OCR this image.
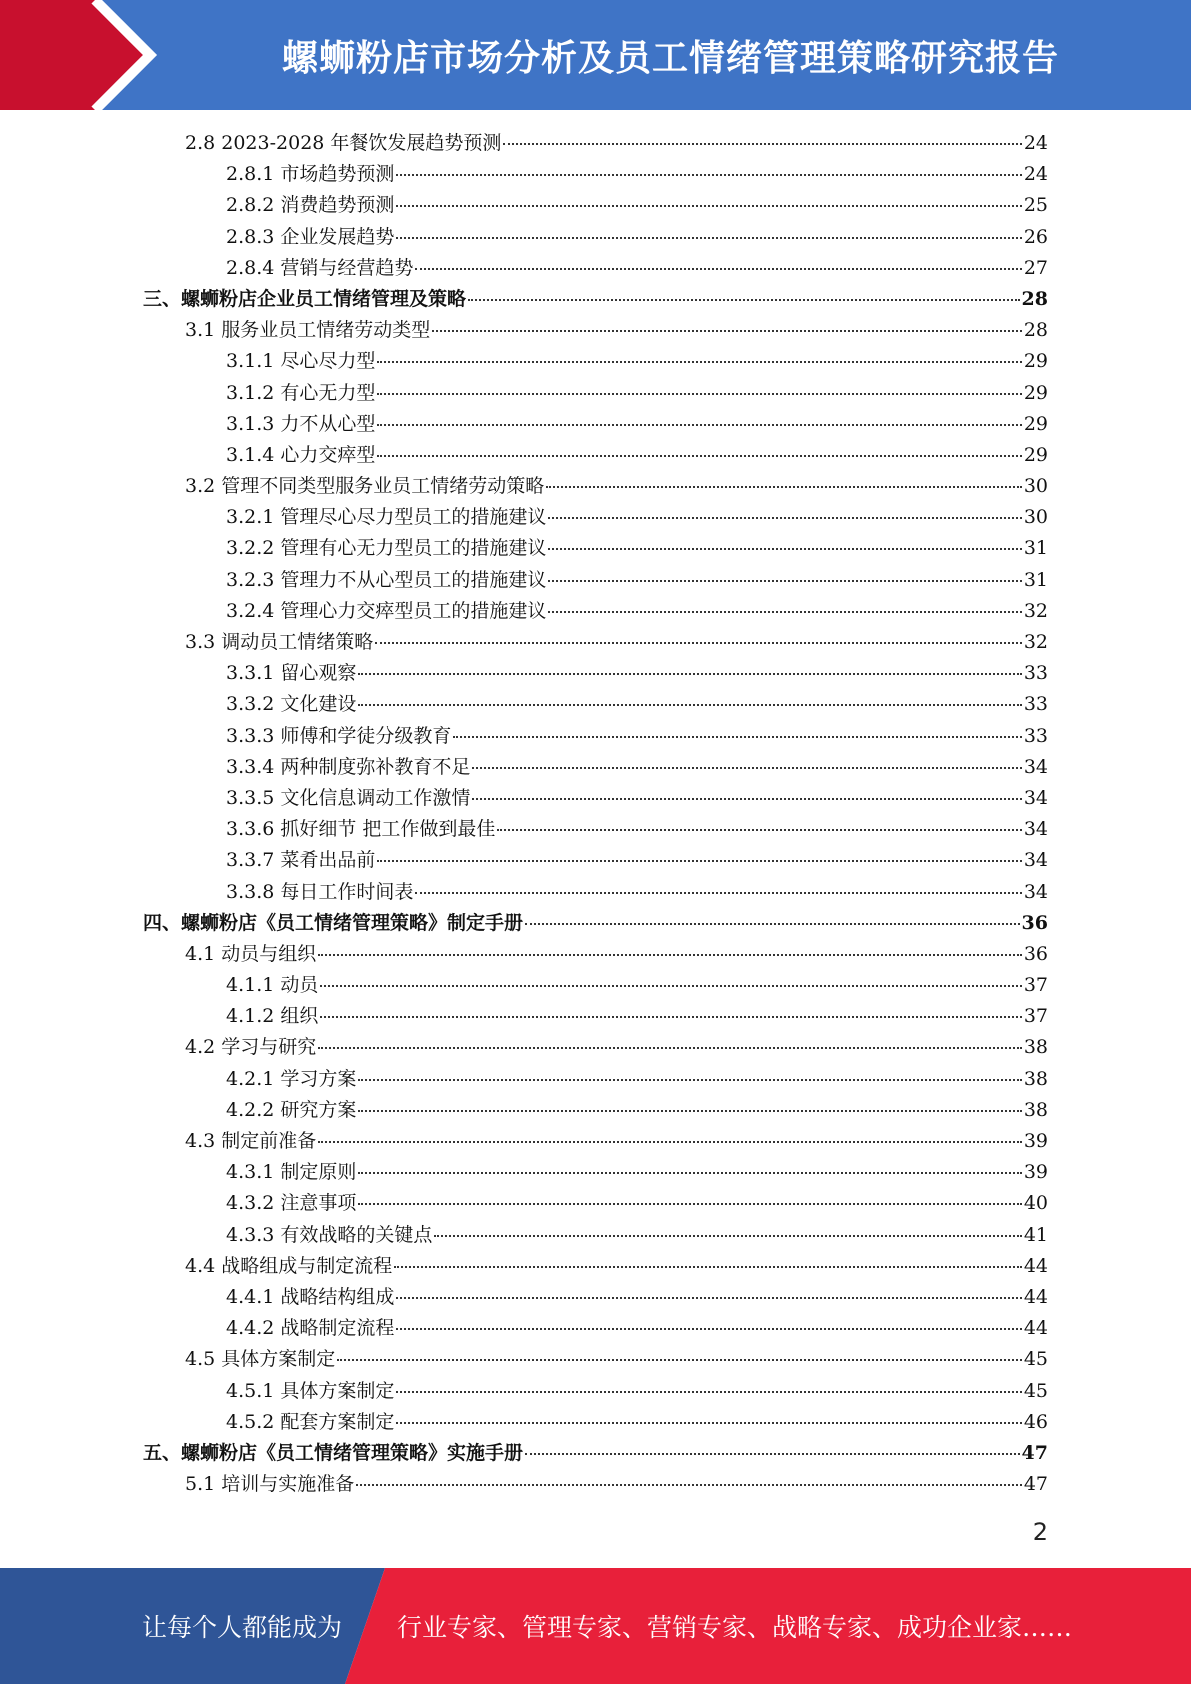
螺蛳粉店市场分析及员工情绪管理策略研究报告
2.8 2023-2028 年餐饮发展趋势预测	24
2.8.1 市场趋势预测	24
2.8.2 消费趋势预测	25
2.8.3 企业发展趋势	26
2.8.4 营销与经营趋势	27
三、螺蛳粉店企业员工情绪管理及策略	28
3.1 服务业员工情绪劳动类型	28
3.1.1 尽心尽力型	29
3.1.2 有心无力型	29
3.1.3 力不从心型	29
3.1.4 心力交瘁型	29
3.2 管理不同类型服务业员工情绪劳动策略	30
3.2.1 管理尽心尽力型员工的措施建议	30
3.2.2 管理有心无力型员工的措施建议	31
3.2.3 管理力不从心型员工的措施建议	31
3.2.4 管理心力交瘁型员工的措施建议	32
3.3 调动员工情绪策略	32
3.3.1 留心观察	33
3.3.2 文化建设	33
3.3.3 师傅和学徒分级教育	33
3.3.4 两种制度弥补教育不足	34
3.3.5 文化信息调动工作激情	34
3.3.6 抓好细节 把工作做到最佳	34
3.3.7 菜肴出品前	34
3.3.8 每日工作时间表	34
四、螺蛳粉店《员工情绪管理策略》制定手册	36
4.1 动员与组织	36
4.1.1 动员	37
4.1.2 组织	37
4.2 学习与研究	38
4.2.1 学习方案	38
4.2.2 研究方案	38
4.3 制定前准备	39
4.3.1 制定原则	39
4.3.2 注意事项	40
4.3.3 有效战略的关键点	41
4.4 战略组成与制定流程	44
4.4.1 战略结构组成	44
4.4.2 战略制定流程	44
4.5 具体方案制定	45
4.5.1 具体方案制定	45
4.5.2 配套方案制定	46
五、螺蛳粉店《员工情绪管理策略》实施手册	47
5.1 培训与实施准备	47
2
让每个人都能成为 行业专家、管理专家、营销专家、战略专家、成功企业家……
